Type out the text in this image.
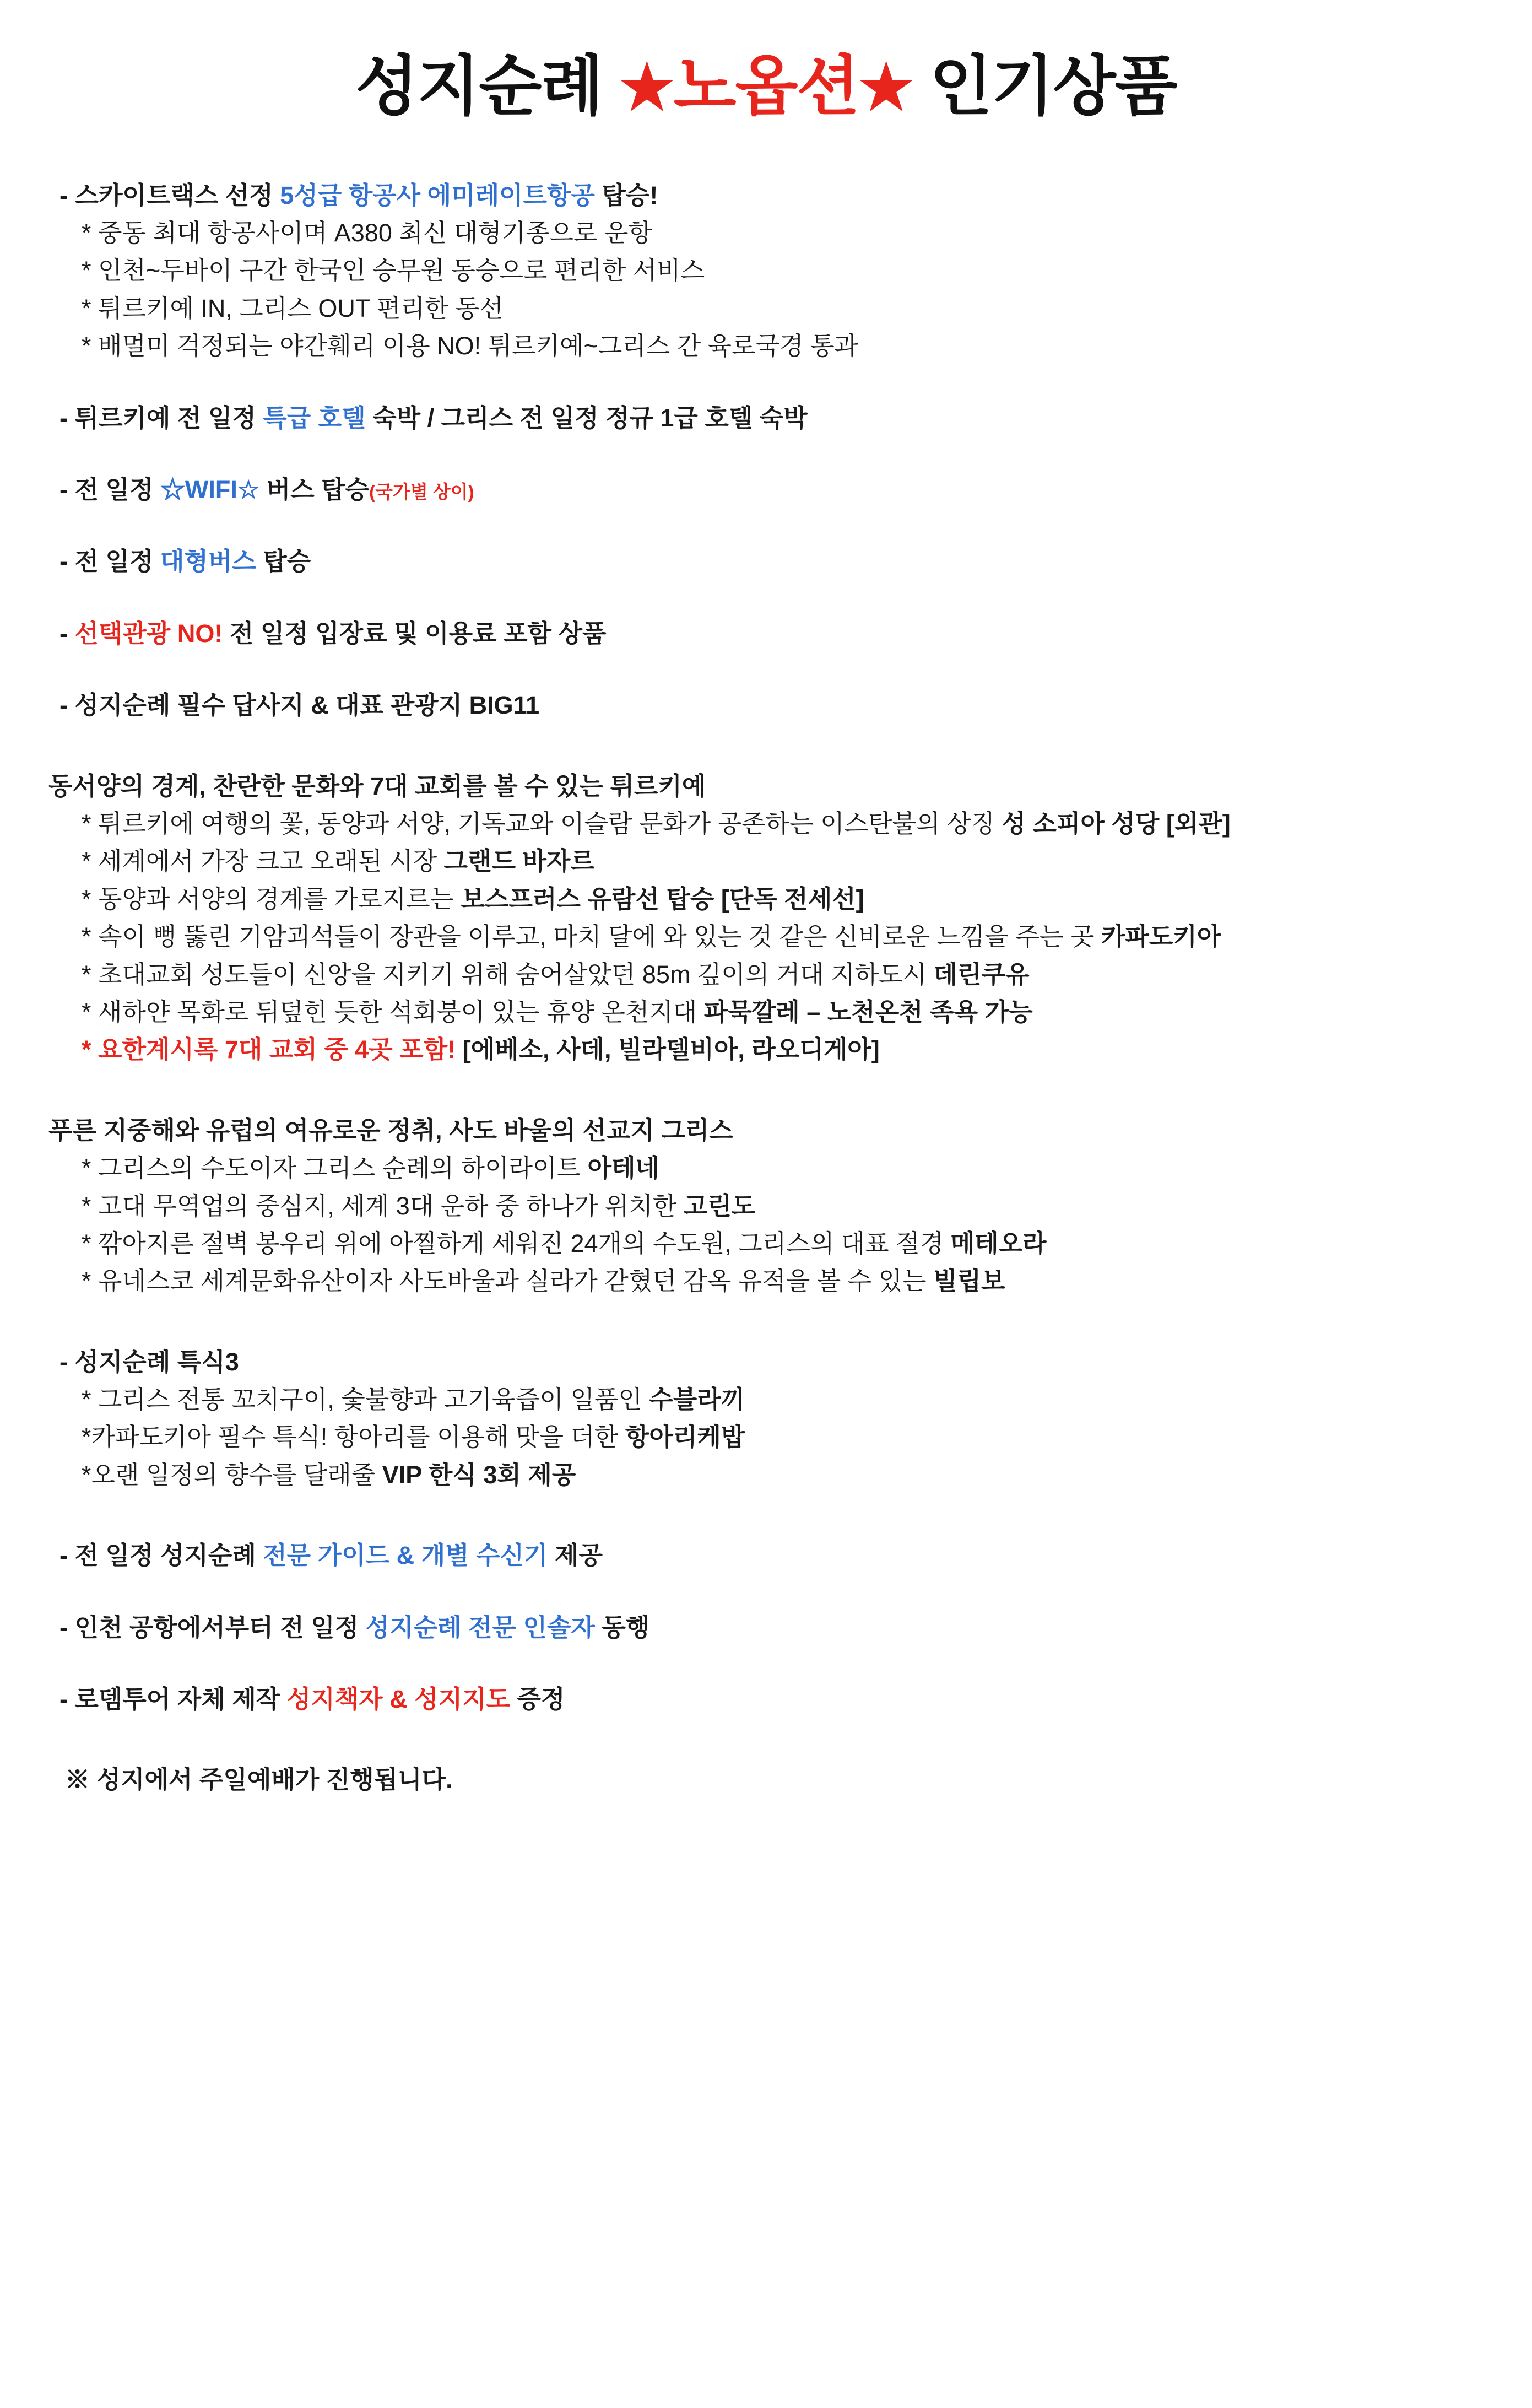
성지순례 ★노옵션★ 인기상품
- 스카이트랙스 선정 5성급 항공사 에미레이트항공 탑승!
* 중동 최대 항공사이며 A380 최신 대형기종으로 운항
* 인천~두바이 구간 한국인 승무원 동승으로 편리한 서비스
* 튀르키예 IN, 그리스 OUT 편리한 동선
* 배멀미 걱정되는 야간훼리 이용 NO! 튀르키예~그리스 간 육로국경 통과
- 튀르키예 전 일정 특급 호텔 숙박 / 그리스 전 일정 정규 1급 호텔 숙박
- 전 일정 ☆WIFI☆ 버스 탑승(국가별 상이)
- 전 일정 대형버스 탑승
- 선택관광 NO! 전 일정 입장료 및 이용료 포함 상품
- 성지순례 필수 답사지 & 대표 관광지 BIG11
동서양의 경계, 찬란한 문화와 7대 교회를 볼 수 있는 튀르키예
* 튀르키에 여행의 꽃, 동양과 서양, 기독교와 이슬람 문화가 공존하는 이스탄불의 상징 성 소피아 성당 [외관]
* 세계에서 가장 크고 오래된 시장 그랜드 바자르
* 동양과 서양의 경계를 가로지르는 보스프러스 유람선 탑승 [단독 전세선]
* 속이 뻥 뚫린 기암괴석들이 장관을 이루고, 마치 달에 와 있는 것 같은 신비로운 느낌을 주는 곳 카파도키아
* 초대교회 성도들이 신앙을 지키기 위해 숨어살았던 85m 깊이의 거대 지하도시 데린쿠유
* 새하얀 목화로 뒤덮힌 듯한 석회붕이 있는 휴양 온천지대 파묵깔레 – 노천온천 족욕 가능
* 요한계시록 7대 교회 중 4곳 포함! [에베소, 사데, 빌라델비아, 라오디게아]
푸른 지중해와 유럽의 여유로운 정취, 사도 바울의 선교지 그리스
* 그리스의 수도이자 그리스 순례의 하이라이트 아테네
* 고대 무역업의 중심지, 세계 3대 운하 중 하나가 위치한 고린도
* 깎아지른 절벽 봉우리 위에 아찔하게 세워진 24개의 수도원, 그리스의 대표 절경 메테오라
* 유네스코 세계문화유산이자 사도바울과 실라가 갇혔던 감옥 유적을 볼 수 있는 빌립보
- 성지순례 특식3
* 그리스 전통 꼬치구이, 숯불향과 고기육즙이 일품인 수블라끼
*카파도키아 필수 특식! 항아리를 이용해 맛을 더한 항아리케밥
*오랜 일정의 향수를 달래줄 VIP 한식 3회 제공
- 전 일정 성지순례 전문 가이드 & 개별 수신기 제공
- 인천 공항에서부터 전 일정 성지순례 전문 인솔자 동행
- 로뎀투어 자체 제작 성지책자 & 성지지도 증정
※ 성지에서 주일예배가 진행됩니다.
